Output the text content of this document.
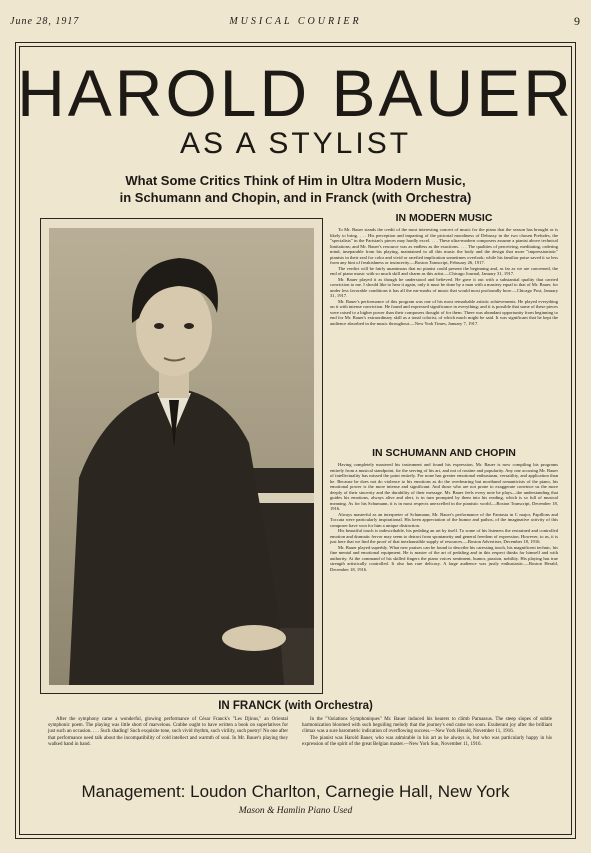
June 28, 1917	MUSICAL COURIER	9
HAROLD BAUER
AS A STYLIST
What Some Critics Think of Him in Ultra Modern Music,
in Schumann and Chopin, and in Franck (with Orchestra)
IN MODERN MUSIC

To Mr. Bauer stands the credit of the most interesting concert of music for the piano that the season has brought or is likely to bring. . . . His perception and imparting of the pictorial moodiness of Debussy in the two chosen Preludes, the "specialists" in the Parisian's pieces may hardly excel. . . . These ultra-modern composers assume a pianist above technical limitations; and Mr. Bauer's resource was as endless as the exactions. . . . The qualities of perceiving, meditating, ordering mind, inseparable from his playing, maintained in all this music the body and the design that more "impressionistic" pianists in their zeal for color and vivid or rarefied implication sometimes overlook; while his familiar poise saved it so less from any hint of freakishness or insincerity.—Boston Transcript, February 26, 1917.

The verdict will be fairly unanimous that no pianist could present the beginning and, as far as we are concerned, the end of piano music with so much skill and charm as this artist.—Chicago Journal, January 31, 1917.

Mr. Bauer played it as though he understood and believed. He gave it out with a substantial quality that carried conviction to me. I should like to hear it again, only it must be done by a man with a mastery equal to that of Mr. Bauer, for under less favorable conditions it has all the ear-marks of music that would most profoundly bore.—Chicago Post, January 31, 1917.

Mr. Bauer's performance of this program was one of his most remarkable artistic achievements. He played everything on it with intense conviction. He found and expressed significance in everything; and it is possible that some of these pieces were raised to a higher power than their composers thought of for them. There was abundant opportunity from beginning to end for Mr. Bauer's extraordinary skill as a tonal colorist, of which much might be said. It was significant that he kept the audience absorbed in the music throughout.—New York Times, January 7, 1917.

IN SCHUMANN AND CHOPIN

Having completely mastered his instrument and found his expression, Mr. Bauer is now compiling his programs entirely from a musical standpoint, for the serving of his art, and not of routine and popularity. Any one accusing Mr. Bauer of intellectuality has missed the point entirely. For none has greater emotional enthusiasm, versatility, and application than he. Because he does not do violence to his emotions as do the overbearing but moribund romanticists of the piano, his emotional power is the more intense and significant. And those who are not prone to exaggerate convince us the more deeply of their sincerity and the durability of their message. Mr. Bauer feels every note he plays—the understanding that guides his emotions, always alive and alert, is in turn prompted by them into his reading, which is so full of musical meaning. As for his Schumann, it is in most respects unexcelled in the pianistic world.—Boston Transcript, December 18, 1916.

Always masterful as an interpreter of Schumann, Mr. Bauer's performance of the Fantasia in C major, Papillons and Toccata were particularly inspirational. His keen appreciation of the humor and pathos, of the imaginative activity of this composer have won for him a unique distinction.

His beautiful touch is indescribable, his pedaling an art by itself. To some of his listeners the restrained and controlled emotion and dramatic fervor may seem to detract from spontaneity and general freedom of expression. However, to us, it is just here that we find the proof of that inexhaustible supply of resources.—Boston Advertiser, December 18, 1916.

Mr. Bauer played superbly. What new praises can be found to describe his caressing touch, his magnificent technic, his fine mental and emotional equipment. He is master of the art of pedaling and in this respect thinks for himself and with authority. At the command of his skilled fingers the piano voices sentiment, humor, passion, nobility. His playing has true strength artistically controlled. It also has rare delicacy. A large audience was justly enthusiastic.—Boston Herald, December 18, 1916.

IN FRANCK (with Orchestra)

After the symphony came a wonderful, glowing performance of César Franck's "Les Djinns," an Oriental symphonic poem. The playing was little short of marvelous. Crabbe ought to have written a book on superlatives for just such an occasion. . . . Such shading! Such exquisite tone, such vivid rhythm, such virility, such poetry! No one after that performance need talk about the incompatibility of cold intellect and warmth of soul. In Mr. Bauer's playing they walked hand in hand.

In the "Variations Symphoniques" Mr. Bauer induced his hearers to climb Parnassus. The steep slopes of subtle harmonization bloomed with such beguiling melody that the journey's end came too soon. Exuberant joy after the brilliant climax was a sure barometric indication of overflowing success.—New York Herald, November 11, 1916.

The pianist was Harold Bauer, who was admirable in his art as he always is, but who was particularly happy in his expression of the spirit of the great Belgian master.—New York Sun, November 11, 1916.

Management: Loudon Charlton, Carnegie Hall, New York
Mason & Hamlin Piano Used
